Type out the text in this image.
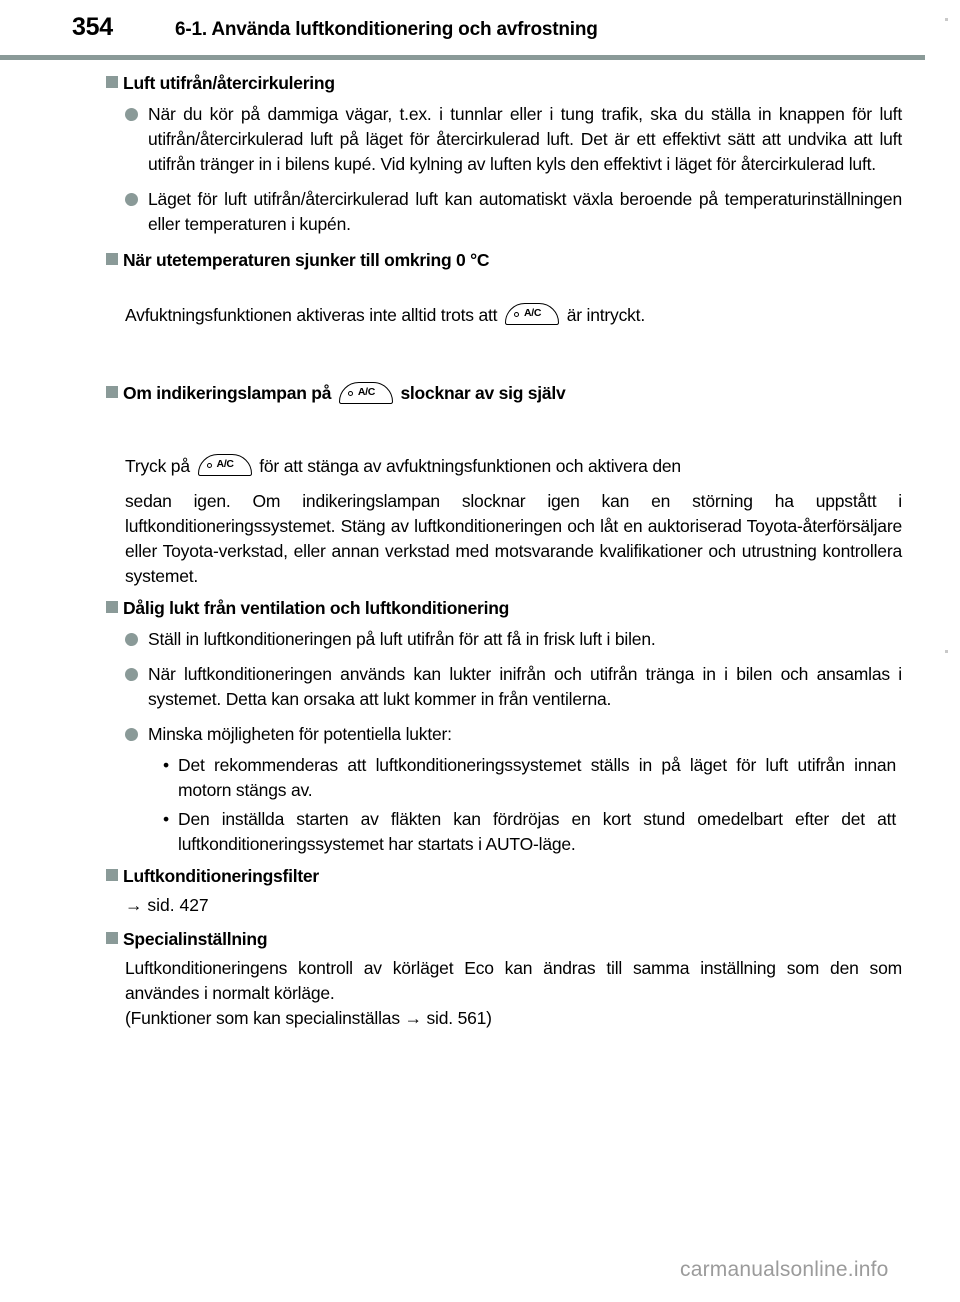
354	6-1. Använda luftkonditionering och avfrostning
Luft utifrån/återcirkulering
När du kör på dammiga vägar, t.ex. i tunnlar eller i tung trafik, ska du ställa in knappen för luft utifrån/återcirkulerad luft på läget för återcirkulerad luft. Det är ett effektivt sätt att undvika att luft utifrån tränger in i bilens kupé. Vid kylning av luften kyls den effektivt i läget för återcirkulerad luft.
Läget för luft utifrån/återcirkulerad luft kan automatiskt växla beroende på temperaturinställningen eller temperaturen i kupén.
När utetemperaturen sjunker till omkring 0 °C
Avfuktningsfunktionen aktiveras inte alltid trots att	A/C är intryckt.
Om indikeringslampan på	A/C slocknar av sig själv
Tryck på	A/C för att stänga av avfuktningsfunktionen och aktivera den
sedan igen. Om indikeringslampan slocknar igen kan en störning ha uppstått i luftkonditioneringssystemet. Stäng av luftkonditioneringen och låt en auktoriserad Toyota-återförsäljare eller Toyota-verkstad, eller annan verkstad med motsvarande kvalifikationer och utrustning kontrollera systemet.
Dålig lukt från ventilation och luftkonditionering
Ställ in luftkonditioneringen på luft utifrån för att få in frisk luft i bilen.
När luftkonditioneringen används kan lukter inifrån och utifrån tränga in i bilen och ansamlas i systemet. Detta kan orsaka att lukt kommer in från ventilerna.
Minska möjligheten för potentiella lukter:
• Det rekommenderas att luftkonditioneringssystemet ställs in på läget för luft utifrån innan motorn stängs av.
• Den inställda starten av fläkten kan fördröjas en kort stund omedelbart efter det att luftkonditioneringssystemet har startats i AUTO-läge.
Luftkonditioneringsfilter
→ sid. 427
Specialinställning
Luftkonditioneringens kontroll av körläget Eco kan ändras till samma inställning som den som användes i normalt körläge.
(Funktioner som kan specialinställas → sid. 561)
carmanualsonline.info
